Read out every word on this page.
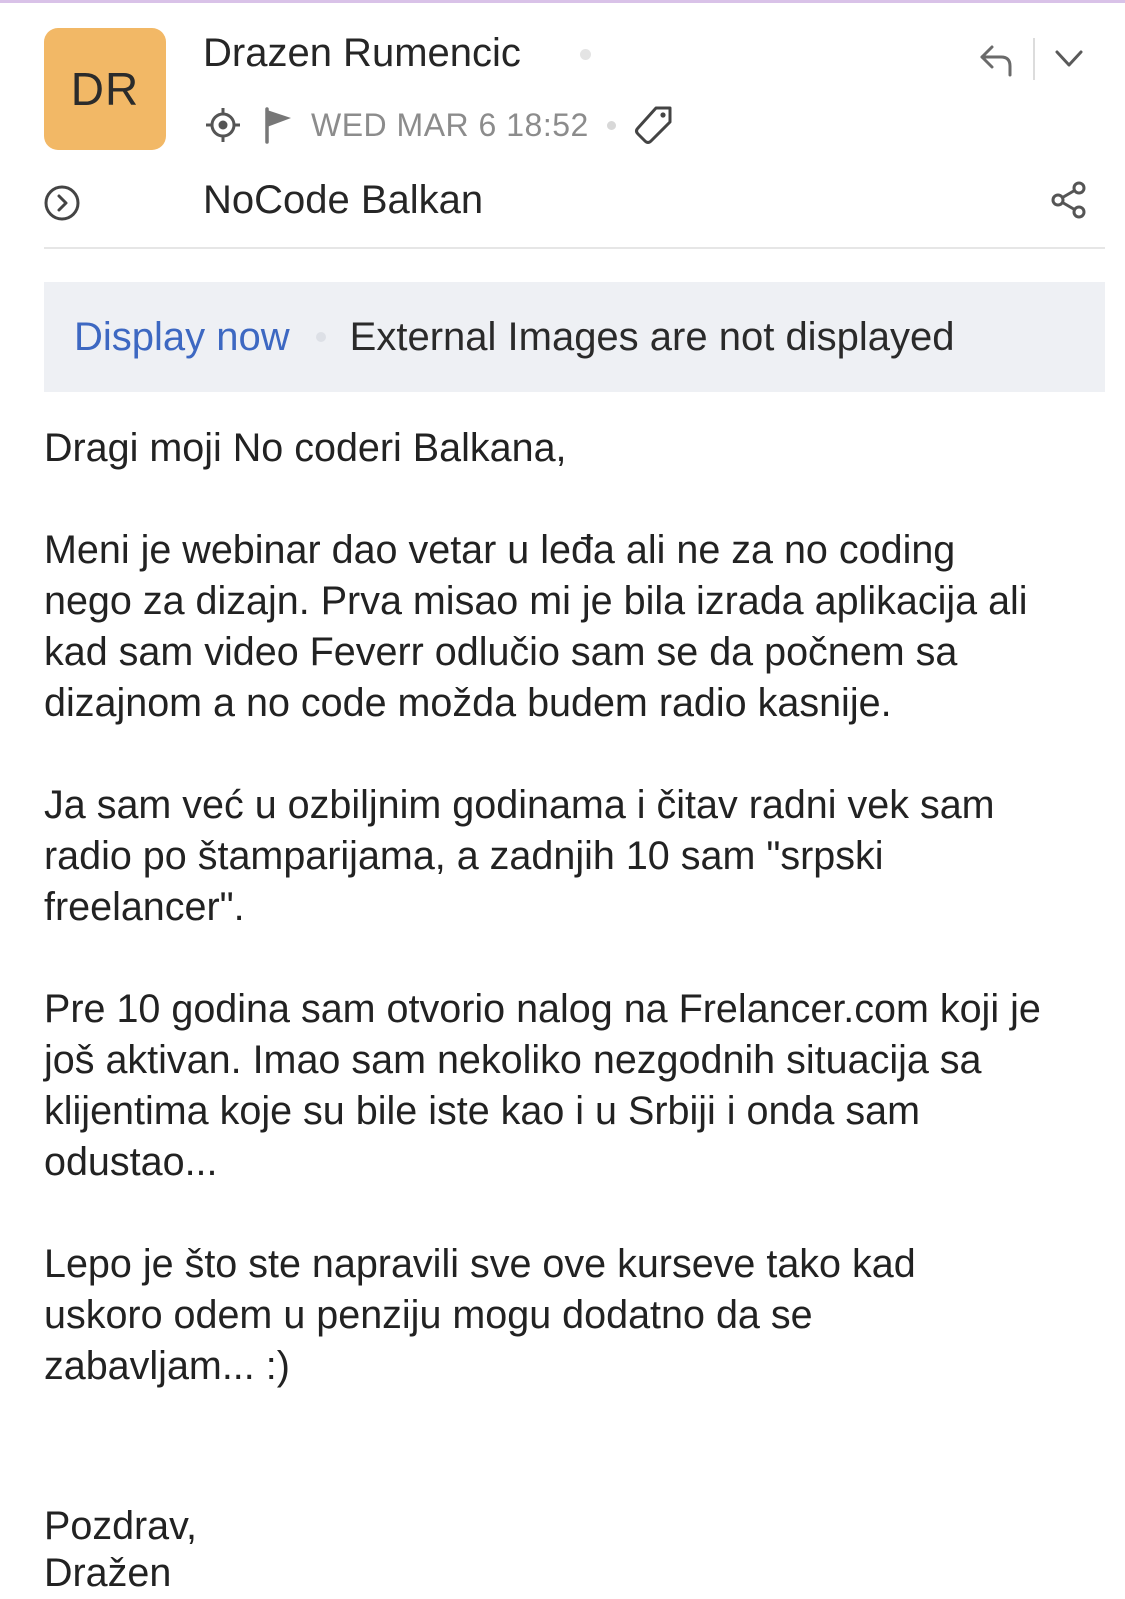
DR
Drazen Rumencic
WED MAR 6 18:52
NoCode Balkan
Display now External Images are not displayed

Dragi moji No coderi Balkana,

Meni je webinar dao vetar u leđa ali ne za no coding
nego za dizajn. Prva misao mi je bila izrada aplikacija ali
kad sam video Feverr odlučio sam se da počnem sa
dizajnom a no code možda budem radio kasnije.

Ja sam već u ozbiljnim godinama i čitav radni vek sam
radio po štamparijama, a zadnjih 10 sam "srpski
freelancer".

Pre 10 godina sam otvorio nalog na Frelancer.com koji je
još aktivan. Imao sam nekoliko nezgodnih situacija sa
klijentima koje su bile iste kao i u Srbiji i onda sam
odustao...

Lepo je što ste napravili sve ove kurseve tako kad
uskoro odem u penziju mogu dodatno da se
zabavljam... :)

Pozdrav,
Dražen
